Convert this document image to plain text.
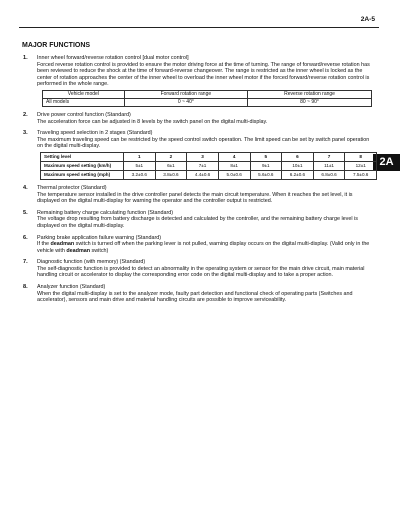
2A-5
MAJOR FUNCTIONS
2A
1. Inner wheel forward/reverse rotation control [dual motor control]
Forced reverse rotation control is provided to ensure the motor driving force at the time of turning. The range of forward/reverse rotation has been reviewed to reduce the shock at the time of forward-reverse changeover. The range is restricted as the inner wheel is locked as the center of rotation approaches the center of the inner wheel to overload the inner wheel motor if the forced forward/reverse rotation control is performed in the whole range.
Vehicle model	Forward rotation range	Reverse rotation range
All models	0 ~ 40°	80 ~ 90°
2. Drive power control function (Standard)
The acceleration force can be adjusted in 8 levels by the switch panel on the digital multi-display.
3. Traveling speed selection in 2 stages (Standard)
The maximum traveling speed can be restricted by the speed control switch operation. The limit speed can be set by switch panel operation on the digital multi-display.
Setting level	1	2	3	4	5	6	7	8
Maximum speed setting (km/h)	5±1	6±1	7±1	8±1	9±1	10±1	11±1	12±1
Maximum speed setting (mph)	3.2±0.6	3.8±0.6	4.4±0.6	5.0±0.6	5.6±0.6	6.2±0.6	6.8±0.6	7.5±0.6
4. Thermal protector (Standard)
The temperature sensor installed in the drive controller panel detects the main circuit temperature. When it reaches the set level, it is displayed on the digital multi-display for warning the operator and the controller output is restricted.
5. Remaining battery charge calculating function (Standard)
The voltage drop resulting from battery discharge is detected and calculated by the controller, and the remaining battery charge level is displayed on the digital multi-display.
6. Parking brake application failure warning (Standard)
If the deadman switch is turned off when the parking lever is not pulled, warning display occurs on the digital multi-display. (Valid only in the vehicle with deadman switch)
7. Diagnostic function (with memory) (Standard)
The self-diagnostic function is provided to detect an abnormality in the operating system or sensor for the main drive circuit, main material handling circuit or accelerator to display the corresponding error code on the digital multi-display and to take a proper action.
8. Analyzer function (Standard)
When the digital multi-display is set to the analyzer mode, faulty part detection and functional check of operating parts (Switches and accelerator), sensors and main drive and material handling circuits are possible to improve serviceability.
